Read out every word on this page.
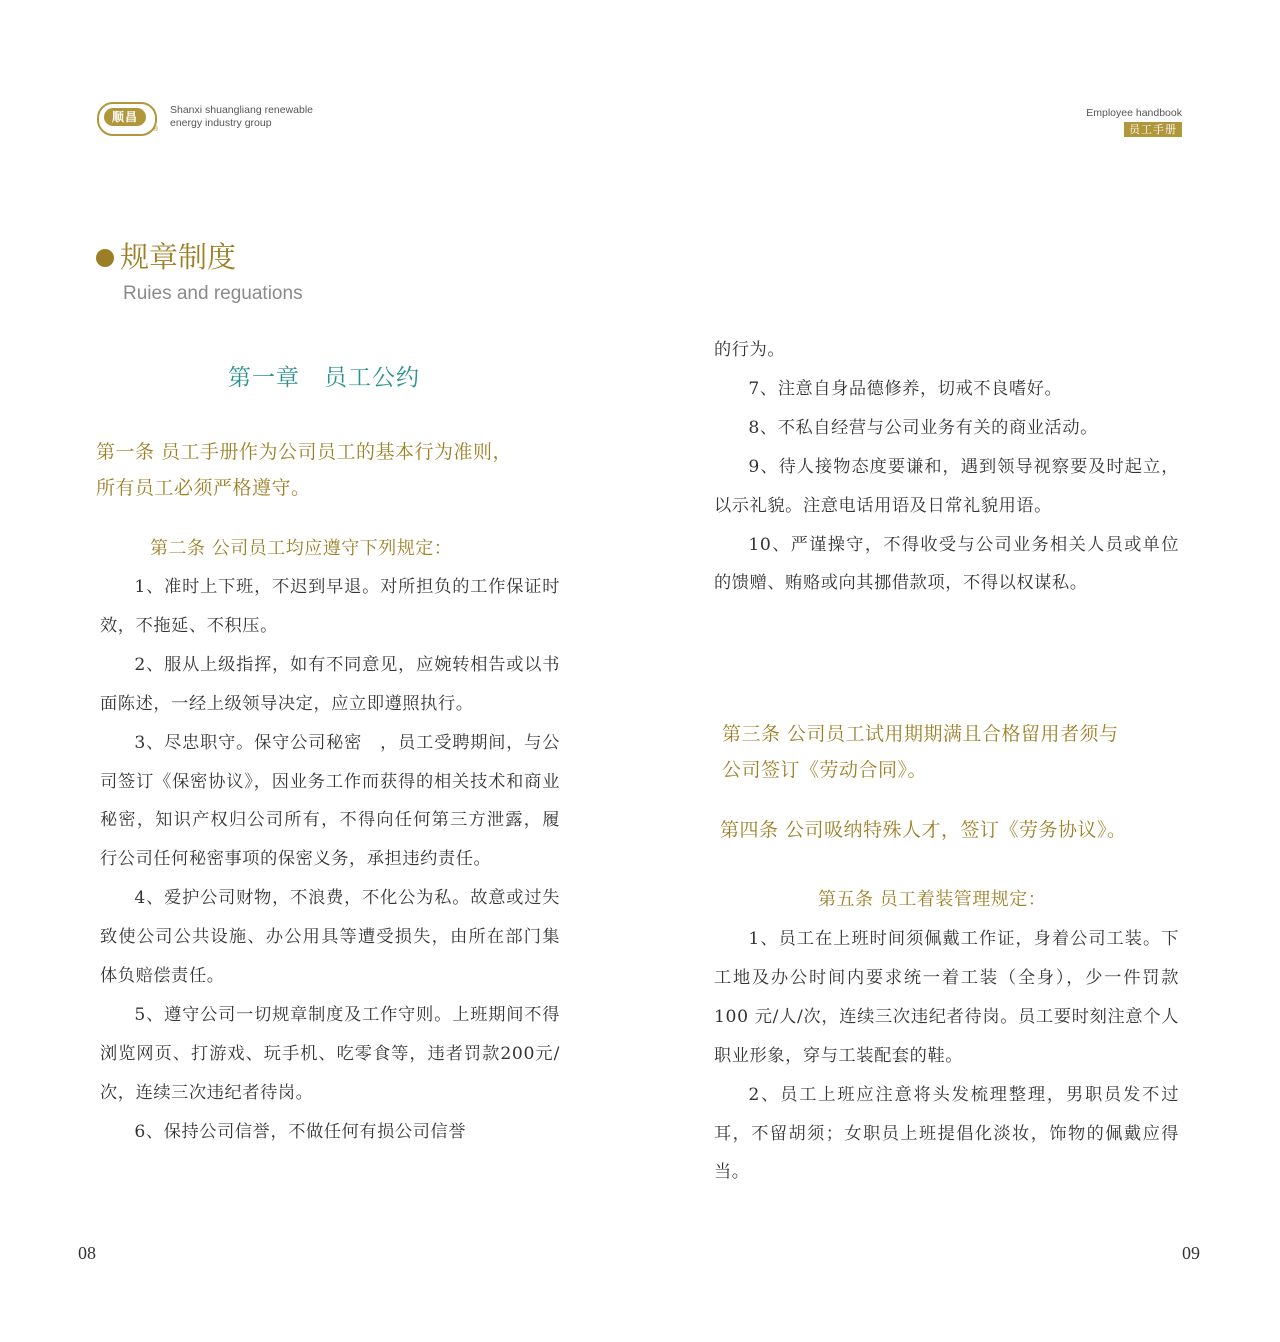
顺昌
®
Shanxi shuangliang renewable
energy industry group
Employee handbook
员工手册
规章制度
Ruies and reguations
第一章　员工公约
第一条 员工手册作为公司员工的基本行为准则，
所有员工必须严格遵守。
第二条 公司员工均应遵守下列规定：

1、准时上下班，不迟到早退。对所担负的工作保证时效，不拖延、不积压。

2、服从上级指挥，如有不同意见，应婉转相告或以书面陈述，一经上级领导决定，应立即遵照执行。

3、尽忠职守。保守公司秘密　，员工受聘期间，与公司签订《保密协议》，因业务工作而获得的相关技术和商业秘密，知识产权归公司所有，不得向任何第三方泄露，履行公司任何秘密事项的保密义务，承担违约责任。

4、爱护公司财物，不浪费，不化公为私。故意或过失致使公司公共设施、办公用具等遭受损失，由所在部门集体负赔偿责任。

5、遵守公司一切规章制度及工作守则。上班期间不得浏览网页、打游戏、玩手机、吃零食等，违者罚款200元/次，连续三次违纪者待岗。

6、保持公司信誉，不做任何有损公司信誉

08

的行为。

7、注意自身品德修养，切戒不良嗜好。

8、不私自经营与公司业务有关的商业活动。

9、待人接物态度要谦和，遇到领导视察要及时起立，以示礼貌。注意电话用语及日常礼貌用语。

10、严谨操守，不得收受与公司业务相关人员或单位的馈赠、贿赂或向其挪借款项，不得以权谋私。

第三条 公司员工试用期期满且合格留用者须与
公司签订《劳动合同》。
第四条 公司吸纳特殊人才，签订《劳务协议》。
第五条 员工着装管理规定：

1、员工在上班时间须佩戴工作证，身着公司工装。下工地及办公时间内要求统一着工装（全身），少一件罚款100 元/人/次，连续三次违纪者待岗。员工要时刻注意个人职业形象，穿与工装配套的鞋。

2、员工上班应注意将头发梳理整理，男职员发不过耳，不留胡须；女职员上班提倡化淡妆，饰物的佩戴应得当。

09
